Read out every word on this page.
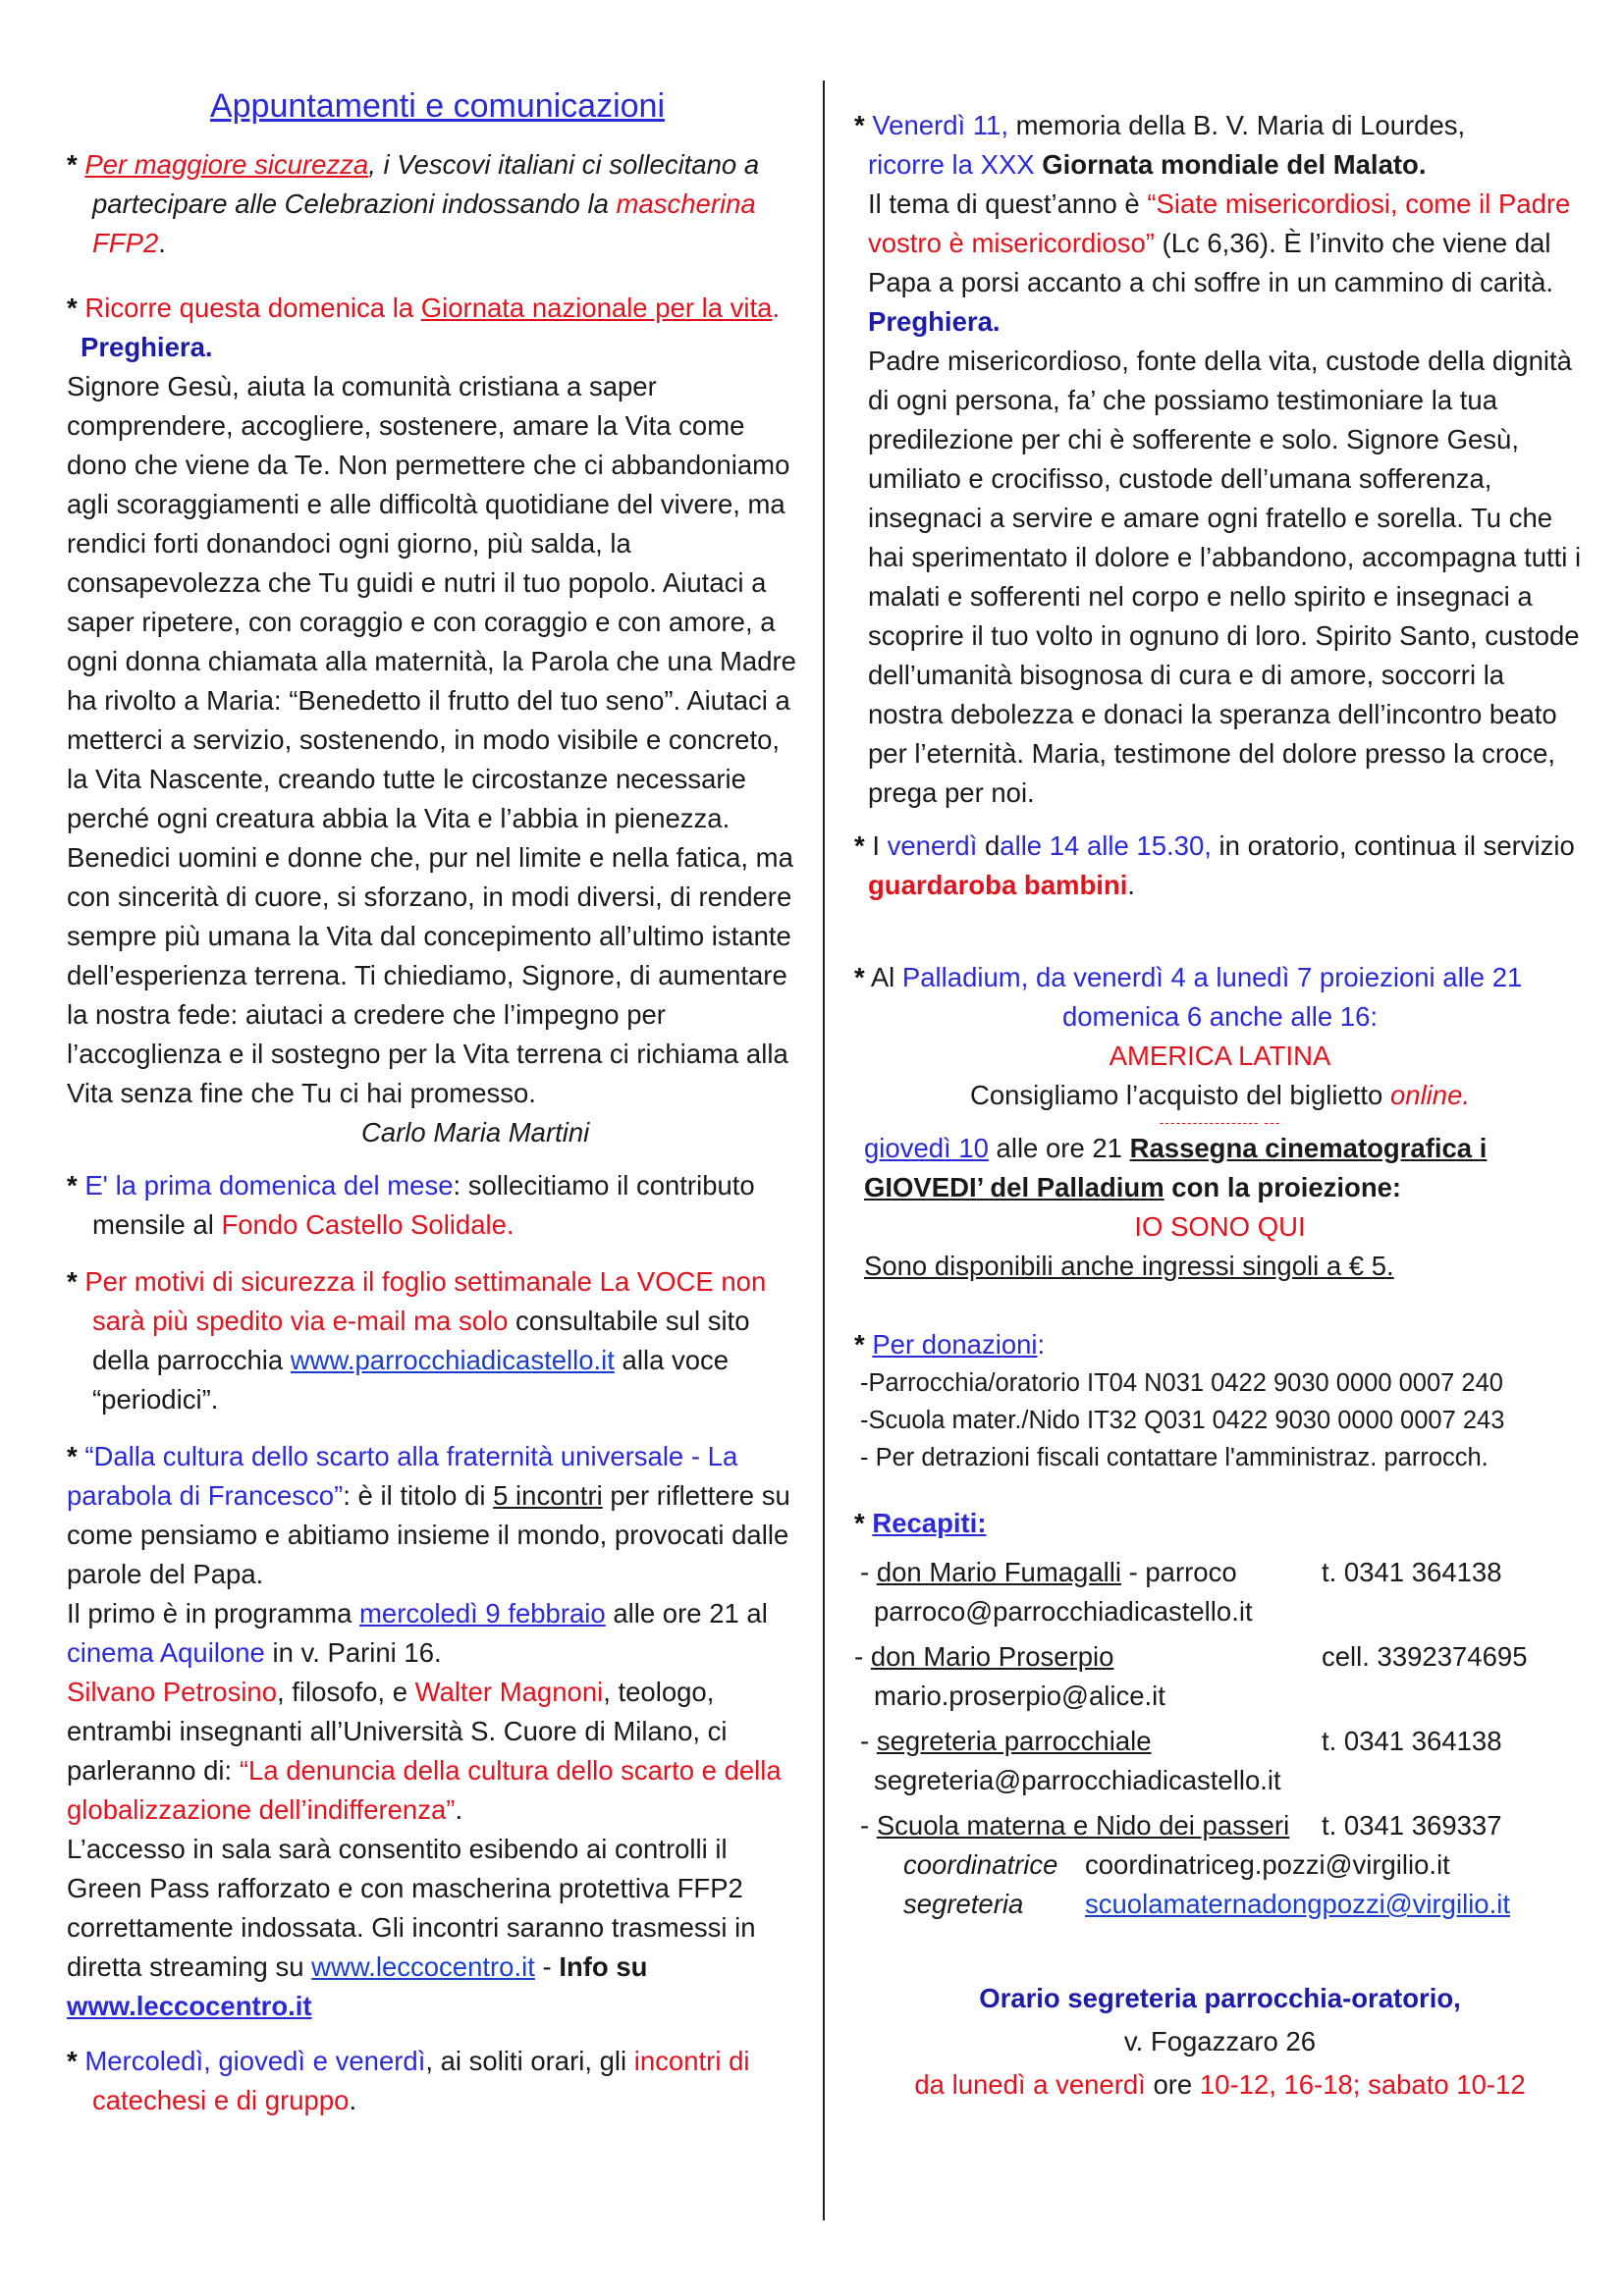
Appuntamenti e comunicazioni

* Per maggiore sicurezza, i Vescovi italiani ci sollecitano a partecipare alle Celebrazioni indossando la mascherina FFP2.

* Ricorre questa domenica la Giornata nazionale per la vita.

Preghiera.

Signore Gesù, aiuta la comunità cristiana a saper comprendere, accogliere, sostenere, amare la Vita come dono che viene da Te. Non permettere che ci abbandoniamo agli scoraggiamenti e alle difficoltà quotidiane del vivere, ma rendici forti donandoci ogni giorno, più salda, la consapevolezza che Tu guidi e nutri il tuo popolo. Aiutaci a saper ripetere, con coraggio e con coraggio e con amore, a ogni donna chiamata alla maternità, la Parola che una Madre ha rivolto a Maria: “Benedetto il frutto del tuo seno”. Aiutaci a metterci a servizio, sostenendo, in modo visibile e concreto, la Vita Nascente, creando tutte le circostanze necessarie perché ogni creatura abbia la Vita e l’abbia in pienezza. Benedici uomini e donne che, pur nel limite e nella fatica, ma con sincerità di cuore, si sforzano, in modi diversi, di rendere sempre più umana la Vita dal concepimento all’ultimo istante dell’esperienza terrena. Ti chiediamo, Signore, di aumentare la nostra fede: aiutaci a credere che l’impegno per l’accoglienza e il sostegno per la Vita terrena ci richiama alla Vita senza fine che Tu ci hai promesso.Carlo Maria Martini

* E' la prima domenica del mese: sollecitiamo il contributo mensile al Fondo Castello Solidale.

* Per motivi di sicurezza il foglio settimanale La VOCE non sarà più spedito via e-mail ma solo consultabile sul sito della parrocchia www.parrocchiadicastello.it alla voce “periodici”.

* “Dalla cultura dello scarto alla fraternità universale - La parabola di Francesco”: è il titolo di 5 incontri per riflettere su come pensiamo e abitiamo insieme il mondo, provocati dalle parole del Papa.

Il primo è in programma mercoledì 9 febbraio alle ore 21 al cinema Aquilone in v. Parini 16.

Silvano Petrosino, filosofo, e Walter Magnoni, teologo, entrambi insegnanti all’Università S. Cuore di Milano, ci parleranno di: “La denuncia della cultura dello scarto e della globalizzazione dell’indifferenza”.

L’accesso in sala sarà consentito esibendo ai controlli il Green Pass rafforzato e con mascherina protettiva FFP2 correttamente indossata. Gli incontri saranno trasmessi in diretta streaming su www.leccocentro.it - Info su www.leccocentro.it

* Mercoledì, giovedì e venerdì, ai soliti orari, gli incontri di catechesi e di gruppo.

* Venerdì 11, memoria della B. V. Maria di Lourdes,

ricorre la XXX Giornata mondiale del Malato.

Il tema di quest’anno è “Siate misericordiosi, come il Padre vostro è misericordioso” (Lc 6,36). È l’invito che viene dal Papa a porsi accanto a chi soffre in un cammino di carità.

Preghiera.

Padre misericordioso, fonte della vita, custode della dignità di ogni persona, fa’ che possiamo testimoniare la tua predilezione per chi è sofferente e solo. Signore Gesù, umiliato e crocifisso, custode dell’umana sofferenza, insegnaci a servire e amare ogni fratello e sorella. Tu che hai sperimentato il dolore e l’abbandono, accompagna tutti i malati e sofferenti nel corpo e nello spirito e insegnaci a scoprire il tuo volto in ognuno di loro. Spirito Santo, custode dell’umanità bisognosa di cura e di amore, soccorri la nostra debolezza e donaci la speranza dell’incontro beato per l’eternità. Maria, testimone del dolore presso la croce, prega per noi.

* I venerdì dalle 14 alle 15.30, in oratorio, continua il servizio guardaroba bambini.

* Al Palladium, da venerdì 4 a lunedì 7 proiezioni alle 21

domenica 6 anche alle 16:

AMERICA LATINA

Consigliamo l’acquisto del biglietto online.

------------------ ---

giovedì 10 alle ore 21 Rassegna cinematografica i GIOVEDI’ del Palladium con la proiezione:

IO SONO QUI

Sono disponibili anche ingressi singoli a € 5.

* Per donazioni:

-Parrocchia/oratorio IT04 N031 0422 9030 0000 0007 240

-Scuola mater./Nido IT32 Q031 0422 9030 0000 0007 243

- Per detrazioni fiscali contattare l'amministraz. parrocch.

* Recapiti:

- don Mario Fumagalli - parroco	t. 0341 364138
parroco@parrocchiadicastello.it
- don Mario Proserpio	cell. 3392374695
mario.proserpio@alice.it
- segreteria parrocchiale	t. 0341 364138
segreteria@parrocchiadicastello.it
- Scuola materna e Nido dei passeri	t. 0341 369337
coordinatrice coordinatriceg.pozzi@virgilio.it
segreteria scuolamaternadongpozzi@virgilio.it

Orario segreteria parrocchia-oratorio,

v. Fogazzaro 26

da lunedì a venerdì ore 10-12, 16-18; sabato 10-12
